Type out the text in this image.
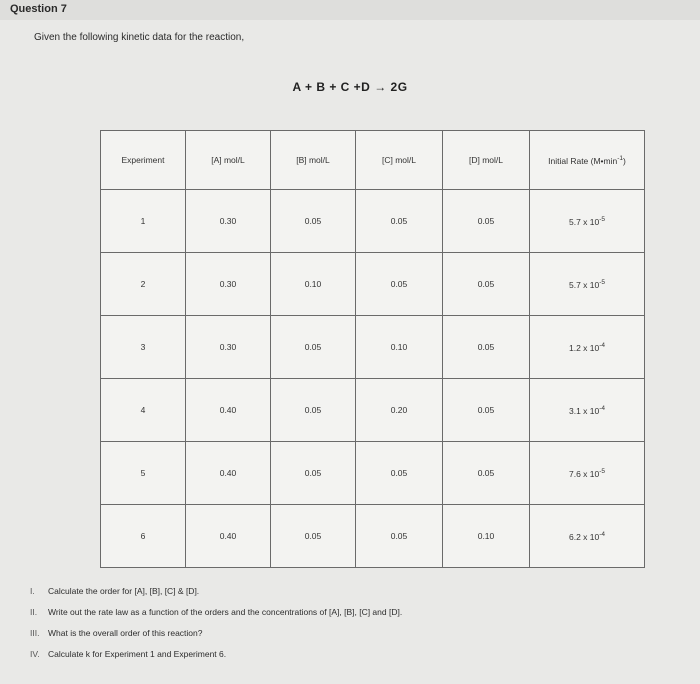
Question 7
Given the following kinetic data for the reaction,
A + B + C +D → 2G
Experiment	[A] mol/L	[B] mol/L	[C] mol/L	[D] mol/L	Initial Rate $(M•\min^{-1})$
1	0.30	0.05	0.05	0.05	5.7 x $10^{-5}$
2	0.30	0.10	0.05	0.05	5.7 x $10^{-5}$
3	0.30	0.05	0.10	0.05	1.2 x $10^{-4}$
4	0.40	0.05	0.20	0.05	3.1 x $10^{-4}$
5	0.40	0.05	0.05	0.05	7.6 x $10^{-5}$
6	0.40	0.05	0.05	0.10	6.2 x $10^{-4}$
I.	Calculate the order for [A], [B], [C] & [D].
II.	Write out the rate law as a function of the orders and the concentrations of [A], [B], [C] and [D].
III.	What is the overall order of this reaction?
IV. Calculate k for Experiment 1 and Experiment 6.
